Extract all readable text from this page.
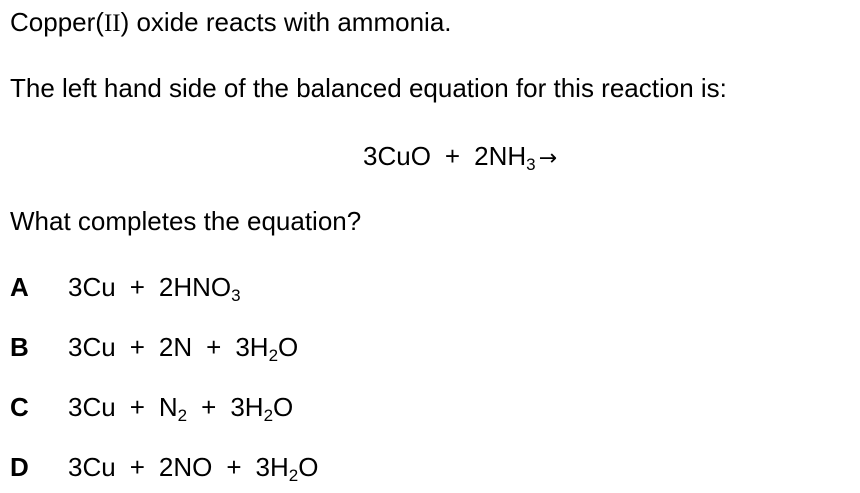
Copper(II) oxide reacts with ammonia.
The left hand side of the balanced equation for this reaction is:
$3CuO + 2NH_3$ →
What completes the equation?
A $3Cu + 2HNO_3$
B $3Cu + 2N + 3H_2O$
C $3Cu + N_2 + 3H_2O$
D $3Cu + 2NO + 3H_2O$
